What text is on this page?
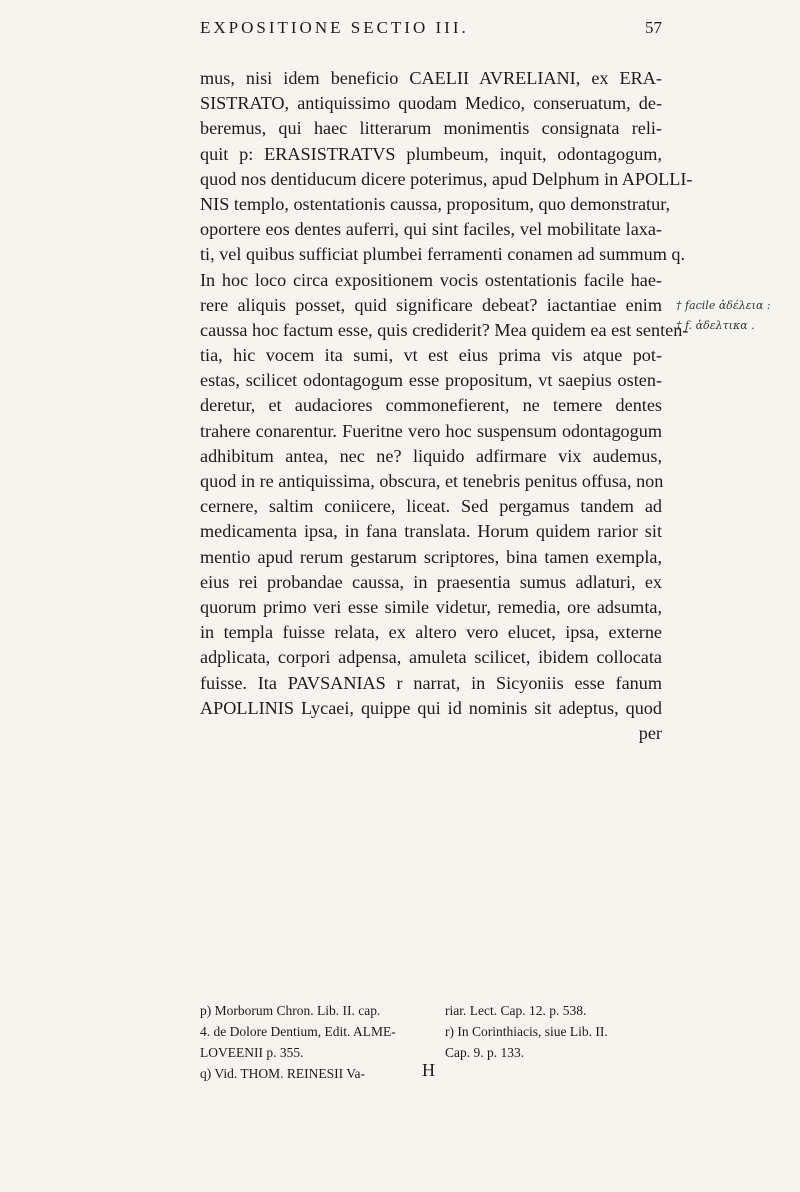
EXPOSITIONE SECTIO III.	57
mus, nisi idem beneficio CAELII AVRELIANI, ex ERA-
SISTRATO, antiquissimo quodam Medico, conseruatum, de-
beremus, qui haec litterarum monimentis consignata reli-
quit p: ERASISTRATVS plumbeum, inquit, odontagogum,
quod nos dentiducum dicere poterimus, apud Delphum in APOLLI-
NIS templo, ostentationis caussa, propositum, quo demonstratur,
oportere eos dentes auferri, qui sint faciles, vel mobilitate laxa-
ti, vel quibus sufficiat plumbei ferramenti conamen ad summum q.
In hoc loco circa expositionem vocis ostentationis facile hae-
rere aliquis posset, quid significare debeat? iactantiae enim
caussa hoc factum esse, quis crediderit? Mea quidem ea est senten-
tia, hic vocem ita sumi, vt est eius prima vis atque pot-
estas, scilicet odontagogum esse propositum, vt saepius osten-
deretur, et audaciores commonefierent, ne temere dentes
trahere conarentur. Fueritne vero hoc suspensum odontagogum
adhibitum antea, nec ne? liquido adfirmare vix audemus,
quod in re antiquissima, obscura, et tenebris penitus offusa, non
cernere, saltim coniicere, liceat. Sed pergamus tandem ad
medicamenta ipsa, in fana translata. Horum quidem rarior sit
mentio apud rerum gestarum scriptores, bina tamen exempla,
eius rei probandae caussa, in praesentia sumus adlaturi, ex
quorum primo veri esse simile videtur, remedia, ore adsumta,
in templa fuisse relata, ex altero vero elucet, ipsa, externe
adplicata, corpori adpensa, amuleta scilicet, ibidem collocata
fuisse. Ita PAVSANIAS r narrat, in Sicyoniis esse fanum
APOLLINIS Lycaei, quippe qui id nominis sit adeptus, quod
per
† facile ἀδέλεια :
† f. ἀδελτικα .
p) Morborum Chron. Lib. II. cap.
4. de Dolore Dentium, Edit. ALME-
LOVEENII p. 355.
q) Vid. THOM. REINESII Va-
riar. Lect. Cap. 12. p. 538.
r) In Corinthiacis, siue Lib. II.
Cap. 9. p. 133.
H
